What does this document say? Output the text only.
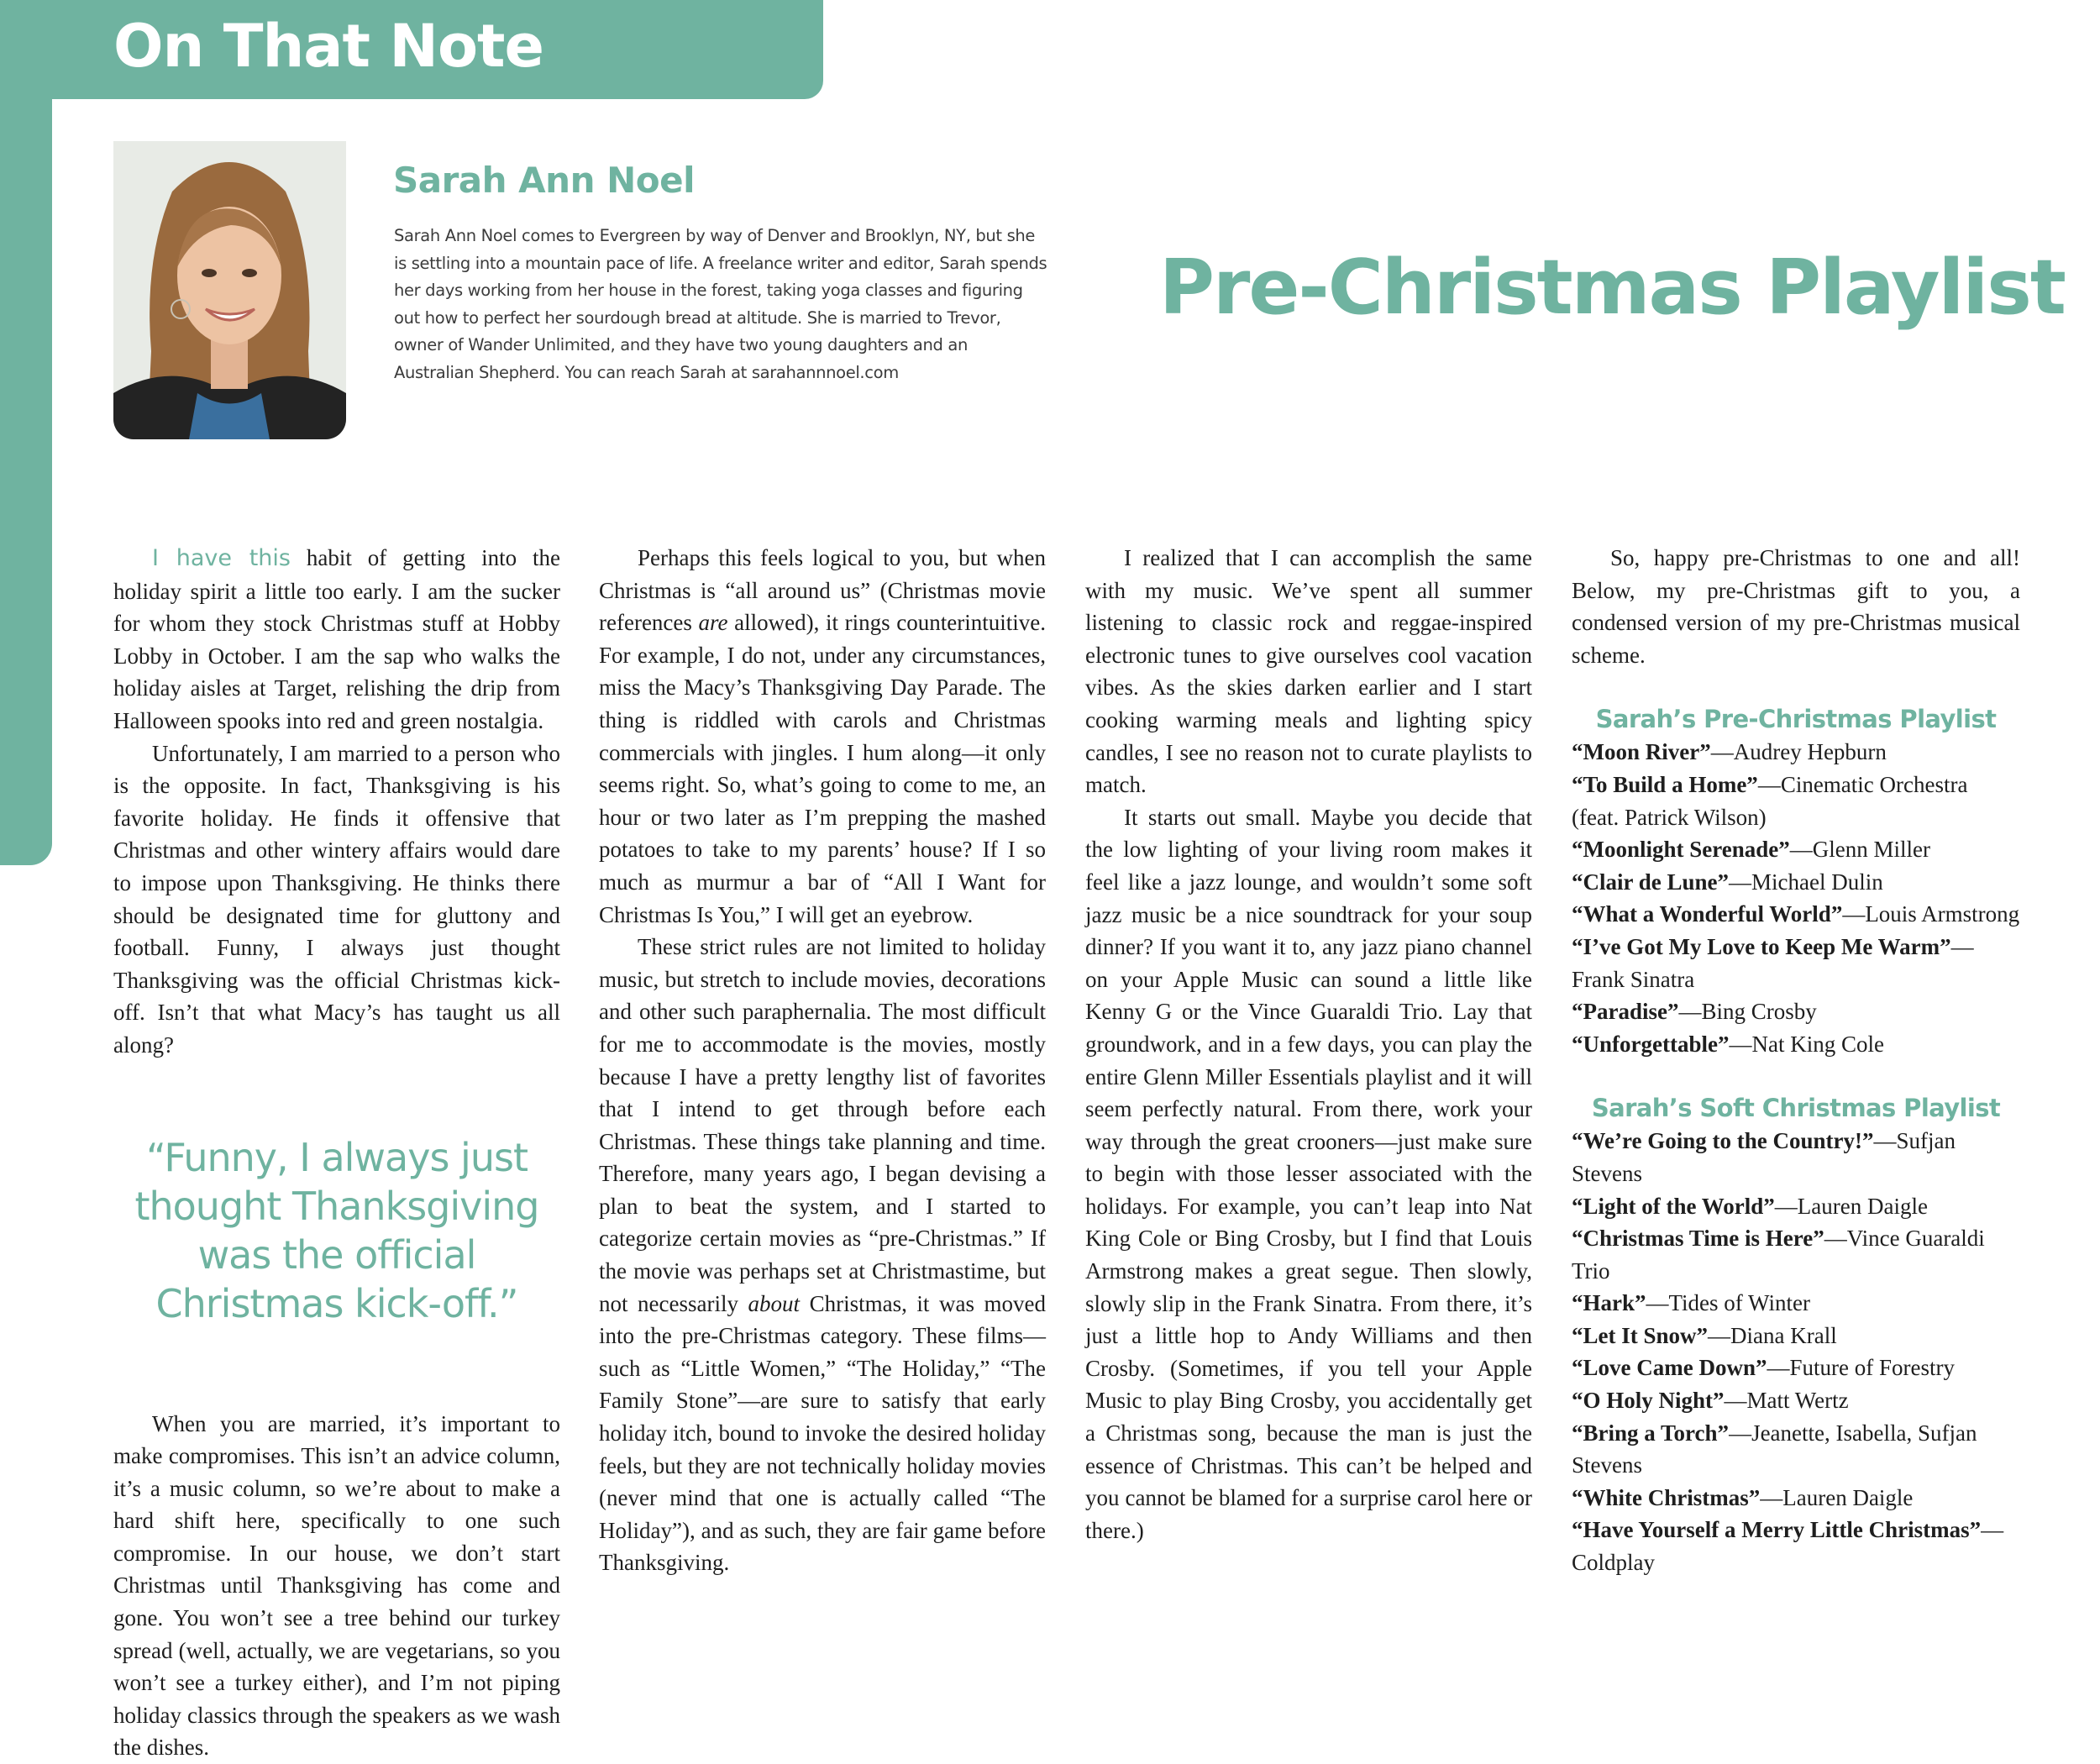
On That Note
Sarah Ann Noel

Sarah Ann Noel comes to Evergreen by way of Denver and Brooklyn, NY, but she is settling into a mountain pace of life. A freelance writer and editor, Sarah spends her days working from her house in the forest, taking yoga classes and figuring out how to perfect her sourdough bread at altitude. She is married to Trevor, owner of Wander Unlimited, and they have two young daughters and an Australian Shepherd. You can reach Sarah at sarahannnoel.com

Pre-Christmas Playlist

I have this habit of getting into the holiday spirit a little too early. I am the sucker for whom they stock Christmas stuff at Hobby Lobby in October. I am the sap who walks the holiday aisles at Target, relishing the drip from Halloween spooks into red and green nostalgia.

Unfortunately, I am married to a person who is the opposite. In fact, Thanksgiving is his favorite holiday. He finds it offensive that Christmas and other wintery affairs would dare to impose upon Thanksgiving. He thinks there should be designated time for gluttony and football. Funny, I always just thought Thanksgiving was the official Christmas kick-off. Isn’t that what Macy’s has taught us all along?

“Funny, I always just thought Thanksgiving was the official Christmas kick-off.”

When you are married, it’s important to make compromises. This isn’t an advice column, it’s a music column, so we’re about to make a hard shift here, specifically to one such compromise. In our house, we don’t start Christmas until Thanksgiving has come and gone. You won’t see a tree behind our turkey spread (well, actually, we are vegetarians, so you won’t see a turkey either), and I’m not piping holiday classics through the speakers as we wash the dishes.

Perhaps this feels logical to you, but when Christmas is “all around us” (Christmas movie references are allowed), it rings counterintuitive. For example, I do not, under any circumstances, miss the Macy’s Thanksgiving Day Parade. The thing is riddled with carols and Christmas commercials with jingles. I hum along—it only seems right. So, what’s going to come to me, an hour or two later as I’m prepping the mashed potatoes to take to my parents’ house? If I so much as murmur a bar of “All I Want for Christmas Is You,” I will get an eyebrow.

These strict rules are not limited to holiday music, but stretch to include movies, decorations and other such paraphernalia. The most difficult for me to accommodate is the movies, mostly because I have a pretty lengthy list of favorites that I intend to get through before each Christmas. These things take planning and time. Therefore, many years ago, I began devising a plan to beat the system, and I started to categorize certain movies as “pre-Christmas.” If the movie was perhaps set at Christmastime, but not necessarily about Christmas, it was moved into the pre-Christmas category. These films—such as “Little Women,” “The Holiday,” “The Family Stone”—are sure to satisfy that early holiday itch, bound to invoke the desired holiday feels, but they are not technically holiday movies (never mind that one is actually called “The Holiday”), and as such, they are fair game before Thanksgiving.

I realized that I can accomplish the same with my music. We’ve spent all summer listening to classic rock and reggae-inspired electronic tunes to give ourselves cool vacation vibes. As the skies darken earlier and I start cooking warming meals and lighting spicy candles, I see no reason not to curate playlists to match.

It starts out small. Maybe you decide that the low lighting of your living room makes it feel like a jazz lounge, and wouldn’t some soft jazz music be a nice soundtrack for your soup dinner? If you want it to, any jazz piano channel on your Apple Music can sound a little like Kenny G or the Vince Guaraldi Trio. Lay that groundwork, and in a few days, you can play the entire Glenn Miller Essentials playlist and it will seem perfectly natural. From there, work your way through the great crooners—just make sure to begin with those lesser associated with the holidays. For example, you can’t leap into Nat King Cole or Bing Crosby, but I find that Louis Armstrong makes a great segue. Then slowly, slowly slip in the Frank Sinatra. From there, it’s just a little hop to Andy Williams and then Crosby. (Sometimes, if you tell your Apple Music to play Bing Crosby, you accidentally get a Christmas song, because the man is just the essence of Christmas. This can’t be helped and you cannot be blamed for a surprise carol here or there.)

So, happy pre-Christmas to one and all! Below, my pre-Christmas gift to you, a condensed version of my pre-Christmas musical scheme.

Sarah’s Pre-Christmas Playlist
“Moon River”—Audrey Hepburn
“To Build a Home”—Cinematic Orchestra (feat. Patrick Wilson)
“Moonlight Serenade”—Glenn Miller
“Clair de Lune”—Michael Dulin
“What a Wonderful World”—Louis Armstrong
“I’ve Got My Love to Keep Me Warm”—Frank Sinatra
“Paradise”—Bing Crosby
“Unforgettable”—Nat King Cole
Sarah’s Soft Christmas Playlist
“We’re Going to the Country!”—Sufjan Stevens
“Light of the World”—Lauren Daigle
“Christmas Time is Here”—Vince Guaraldi Trio
“Hark”—Tides of Winter
“Let It Snow”—Diana Krall
“Love Came Down”—Future of Forestry
“O Holy Night”—Matt Wertz
“Bring a Torch”—Jeanette, Isabella, Sufjan Stevens
“White Christmas”—Lauren Daigle
“Have Yourself a Merry Little Christmas”—Coldplay
